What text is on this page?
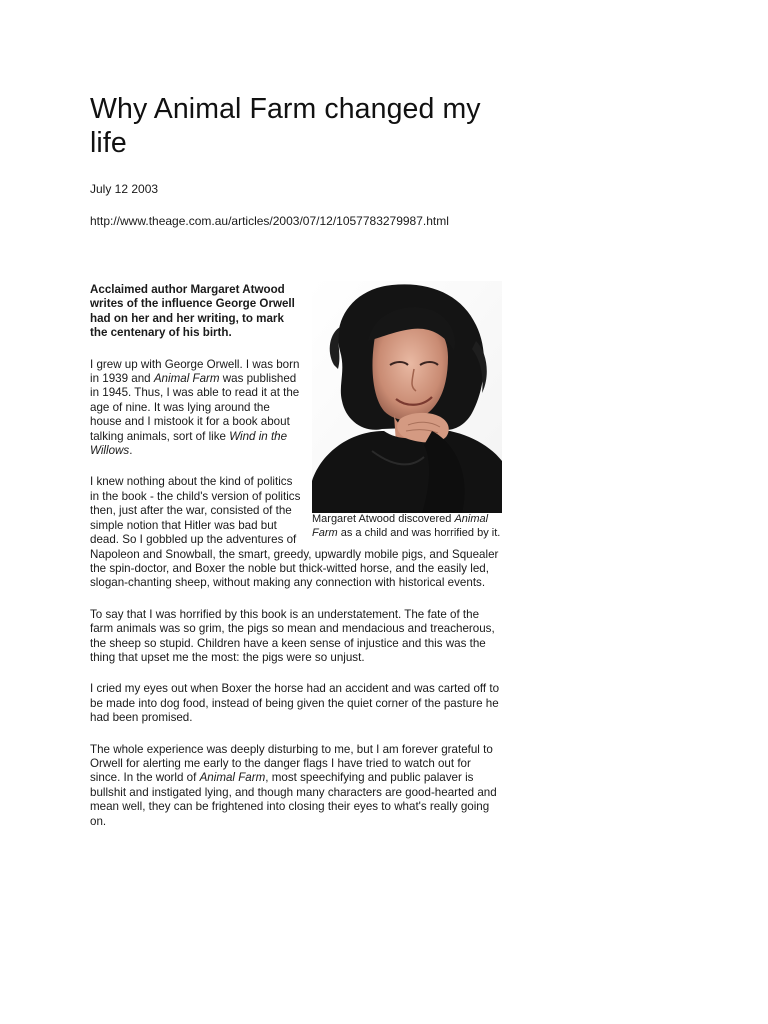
Why Animal Farm changed my life

July 12 2003

http://www.theage.com.au/articles/2003/07/12/1057783279987.html

Margaret Atwood discovered Animal Farm as a child and was horrified by it.

Acclaimed author Margaret Atwood writes of the influence George Orwell had on her and her writing, to mark the centenary of his birth.

I grew up with George Orwell. I was born in 1939 and Animal Farm was published in 1945. Thus, I was able to read it at the age of nine. It was lying around the house and I mistook it for a book about talking animals, sort of like Wind in the Willows.

I knew nothing about the kind of politics in the book - the child's version of politics then, just after the war, consisted of the simple notion that Hitler was bad but dead. So I gobbled up the adventures of Napoleon and Snowball, the smart, greedy, upwardly mobile pigs, and Squealer the spin-doctor, and Boxer the noble but thick-witted horse, and the easily led, slogan-chanting sheep, without making any connection with historical events.

To say that I was horrified by this book is an understatement. The fate of the farm animals was so grim, the pigs so mean and mendacious and treacherous, the sheep so stupid. Children have a keen sense of injustice and this was the thing that upset me the most: the pigs were so unjust.

I cried my eyes out when Boxer the horse had an accident and was carted off to be made into dog food, instead of being given the quiet corner of the pasture he had been promised.

The whole experience was deeply disturbing to me, but I am forever grateful to Orwell for alerting me early to the danger flags I have tried to watch out for since. In the world of Animal Farm, most speechifying and public palaver is bullshit and instigated lying, and though many characters are good-hearted and mean well, they can be frightened into closing their eyes to what's really going on.
